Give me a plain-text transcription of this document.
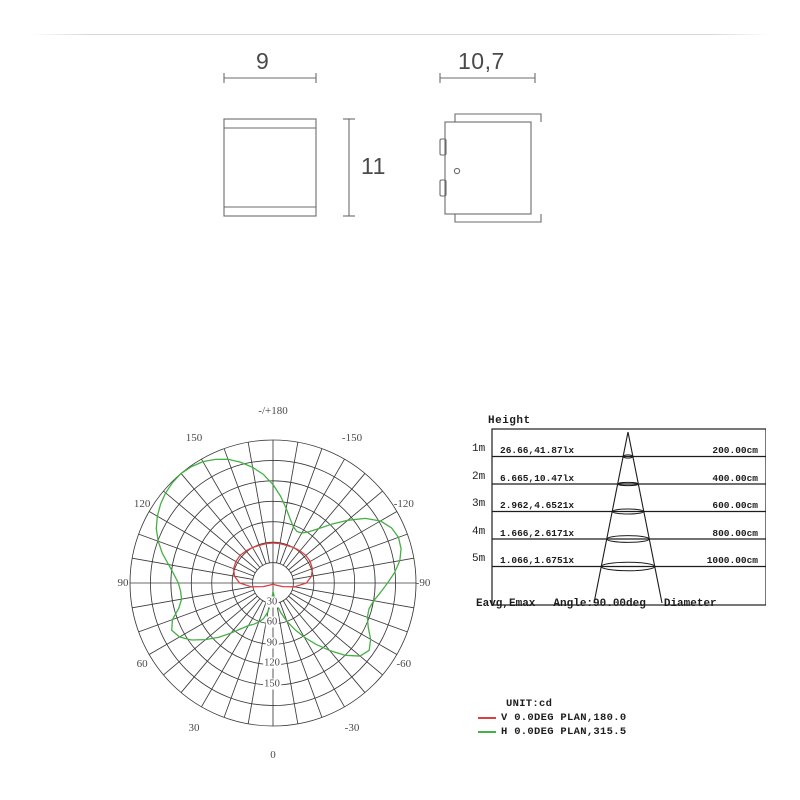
9
11
10,7
-/+180
-150
150
-120
120
-90
90
-60
60
-30
30
0
30
60
90
120
150
Height
1m 26.66,41.87lx	200.00cm
2m 6.665,10.47lx	400.00cm
3m 2.962,4.6521x	600.00cm
4m 1.666,2.6171x	800.00cm
5m 1.066,1.6751x	1000.00cm
Eavg,Emax Angle:90.00deg Diameter
UNIT:cd
V 0.0DEG PLAN,180.0
H 0.0DEG PLAN,315.5
